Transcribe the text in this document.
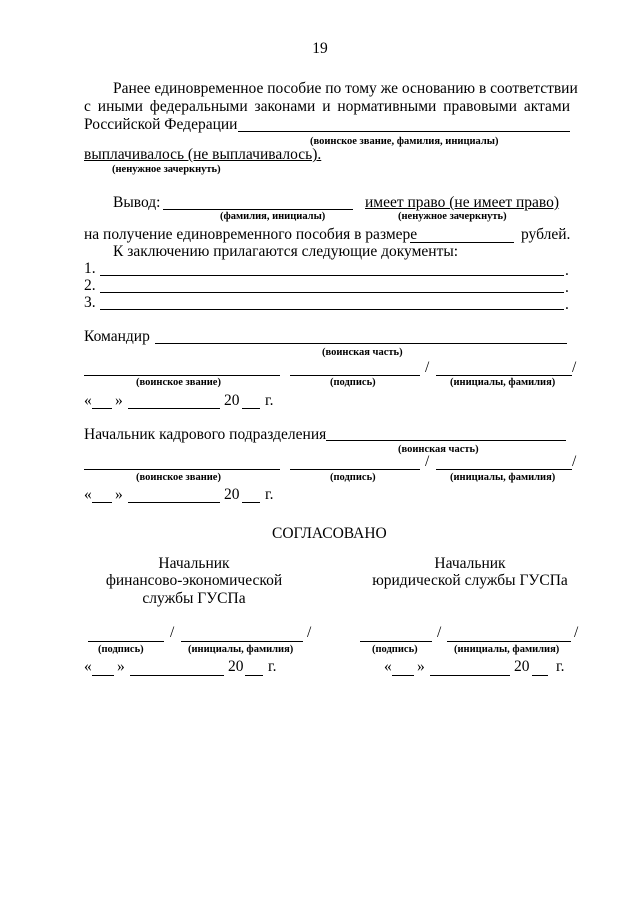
19
Ранее единовременное пособие по тому же основанию в соответствии
с иными федеральными законами и нормативными правовыми актами
Российской Федерации
(воинское звание, фамилия, инициалы)
выплачивалось (не выплачивалось).
(ненужное зачеркнуть)
Вывод:	имеет право (не имеет право)
(фамилия, инициалы)	(ненужное зачеркнуть)
на получение единовременного пособия в размере	рублей.
К заключению прилагаются следующие документы:
1.	.
2.	.
3.	.
Командир
(воинская часть)
/	/
(воинское звание)	(подпись)	(инициалы, фамилия)
« »	20 г.
Начальник кадрового подразделения
(воинская часть)
/	/
(воинское звание)	(подпись)	(инициалы, фамилия)
« »	20 г.
СОГЛАСОВАНО
Начальник
финансово-экономической
службы ГУСПа
Начальник
юридической службы ГУСПа
/	/
(подпись)	(инициалы, фамилия)
« »	20 г.
/	/
(подпись)	(инициалы, фамилия)
« »	20 г.
